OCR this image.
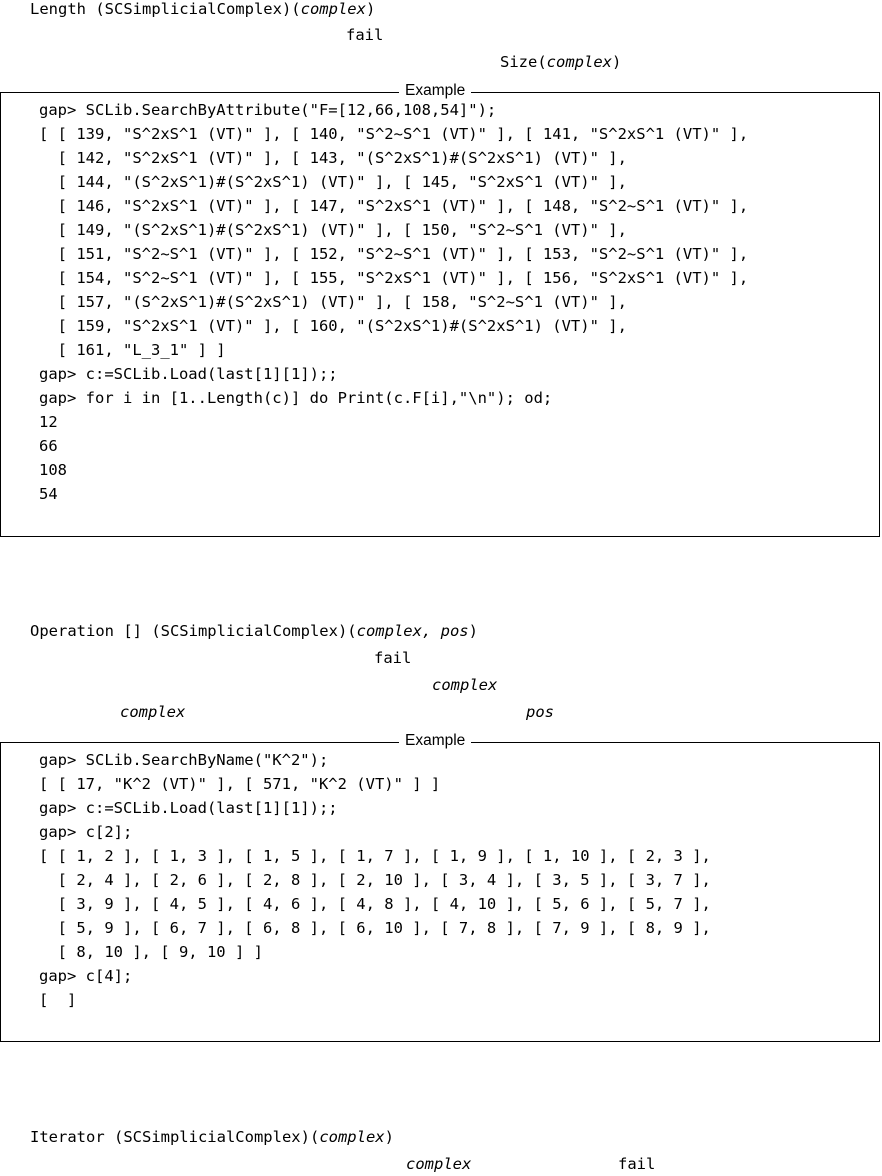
Length (SCSimplicialComplex)(complex)
fail
Size(complex)
Example
gap> SCLib.SearchByAttribute("F=[12,66,108,54]");
[ [ 139, "S^2xS^1 (VT)" ], [ 140, "S^2~S^1 (VT)" ], [ 141, "S^2xS^1 (VT)" ],
[ 142, "S^2xS^1 (VT)" ], [ 143, "(S^2xS^1)#(S^2xS^1) (VT)" ],
[ 144, "(S^2xS^1)#(S^2xS^1) (VT)" ], [ 145, "S^2xS^1 (VT)" ],
[ 146, "S^2xS^1 (VT)" ], [ 147, "S^2xS^1 (VT)" ], [ 148, "S^2~S^1 (VT)" ],
[ 149, "(S^2xS^1)#(S^2xS^1) (VT)" ], [ 150, "S^2~S^1 (VT)" ],
[ 151, "S^2~S^1 (VT)" ], [ 152, "S^2~S^1 (VT)" ], [ 153, "S^2~S^1 (VT)" ],
[ 154, "S^2~S^1 (VT)" ], [ 155, "S^2xS^1 (VT)" ], [ 156, "S^2xS^1 (VT)" ],
[ 157, "(S^2xS^1)#(S^2xS^1) (VT)" ], [ 158, "S^2~S^1 (VT)" ],
[ 159, "S^2xS^1 (VT)" ], [ 160, "(S^2xS^1)#(S^2xS^1) (VT)" ],
[ 161, "L_3_1" ] ]
gap> c:=SCLib.Load(last[1][1]);;
gap> for i in [1..Length(c)] do Print(c.F[i],"\n"); od;
12
66
108
54
Operation [] (SCSimplicialComplex)(complex, pos)
fail
complex
complex	pos
Example
gap> SCLib.SearchByName("K^2");
[ [ 17, "K^2 (VT)" ], [ 571, "K^2 (VT)" ] ]
gap> c:=SCLib.Load(last[1][1]);;
gap> c[2];
[ [ 1, 2 ], [ 1, 3 ], [ 1, 5 ], [ 1, 7 ], [ 1, 9 ], [ 1, 10 ], [ 2, 3 ],
[ 2, 4 ], [ 2, 6 ], [ 2, 8 ], [ 2, 10 ], [ 3, 4 ], [ 3, 5 ], [ 3, 7 ],
[ 3, 9 ], [ 4, 5 ], [ 4, 6 ], [ 4, 8 ], [ 4, 10 ], [ 5, 6 ], [ 5, 7 ],
[ 5, 9 ], [ 6, 7 ], [ 6, 8 ], [ 6, 10 ], [ 7, 8 ], [ 7, 9 ], [ 8, 9 ],
[ 8, 10 ], [ 9, 10 ] ]
gap> c[4];
[  ]
Iterator (SCSimplicialComplex)(complex)
complex	fail
